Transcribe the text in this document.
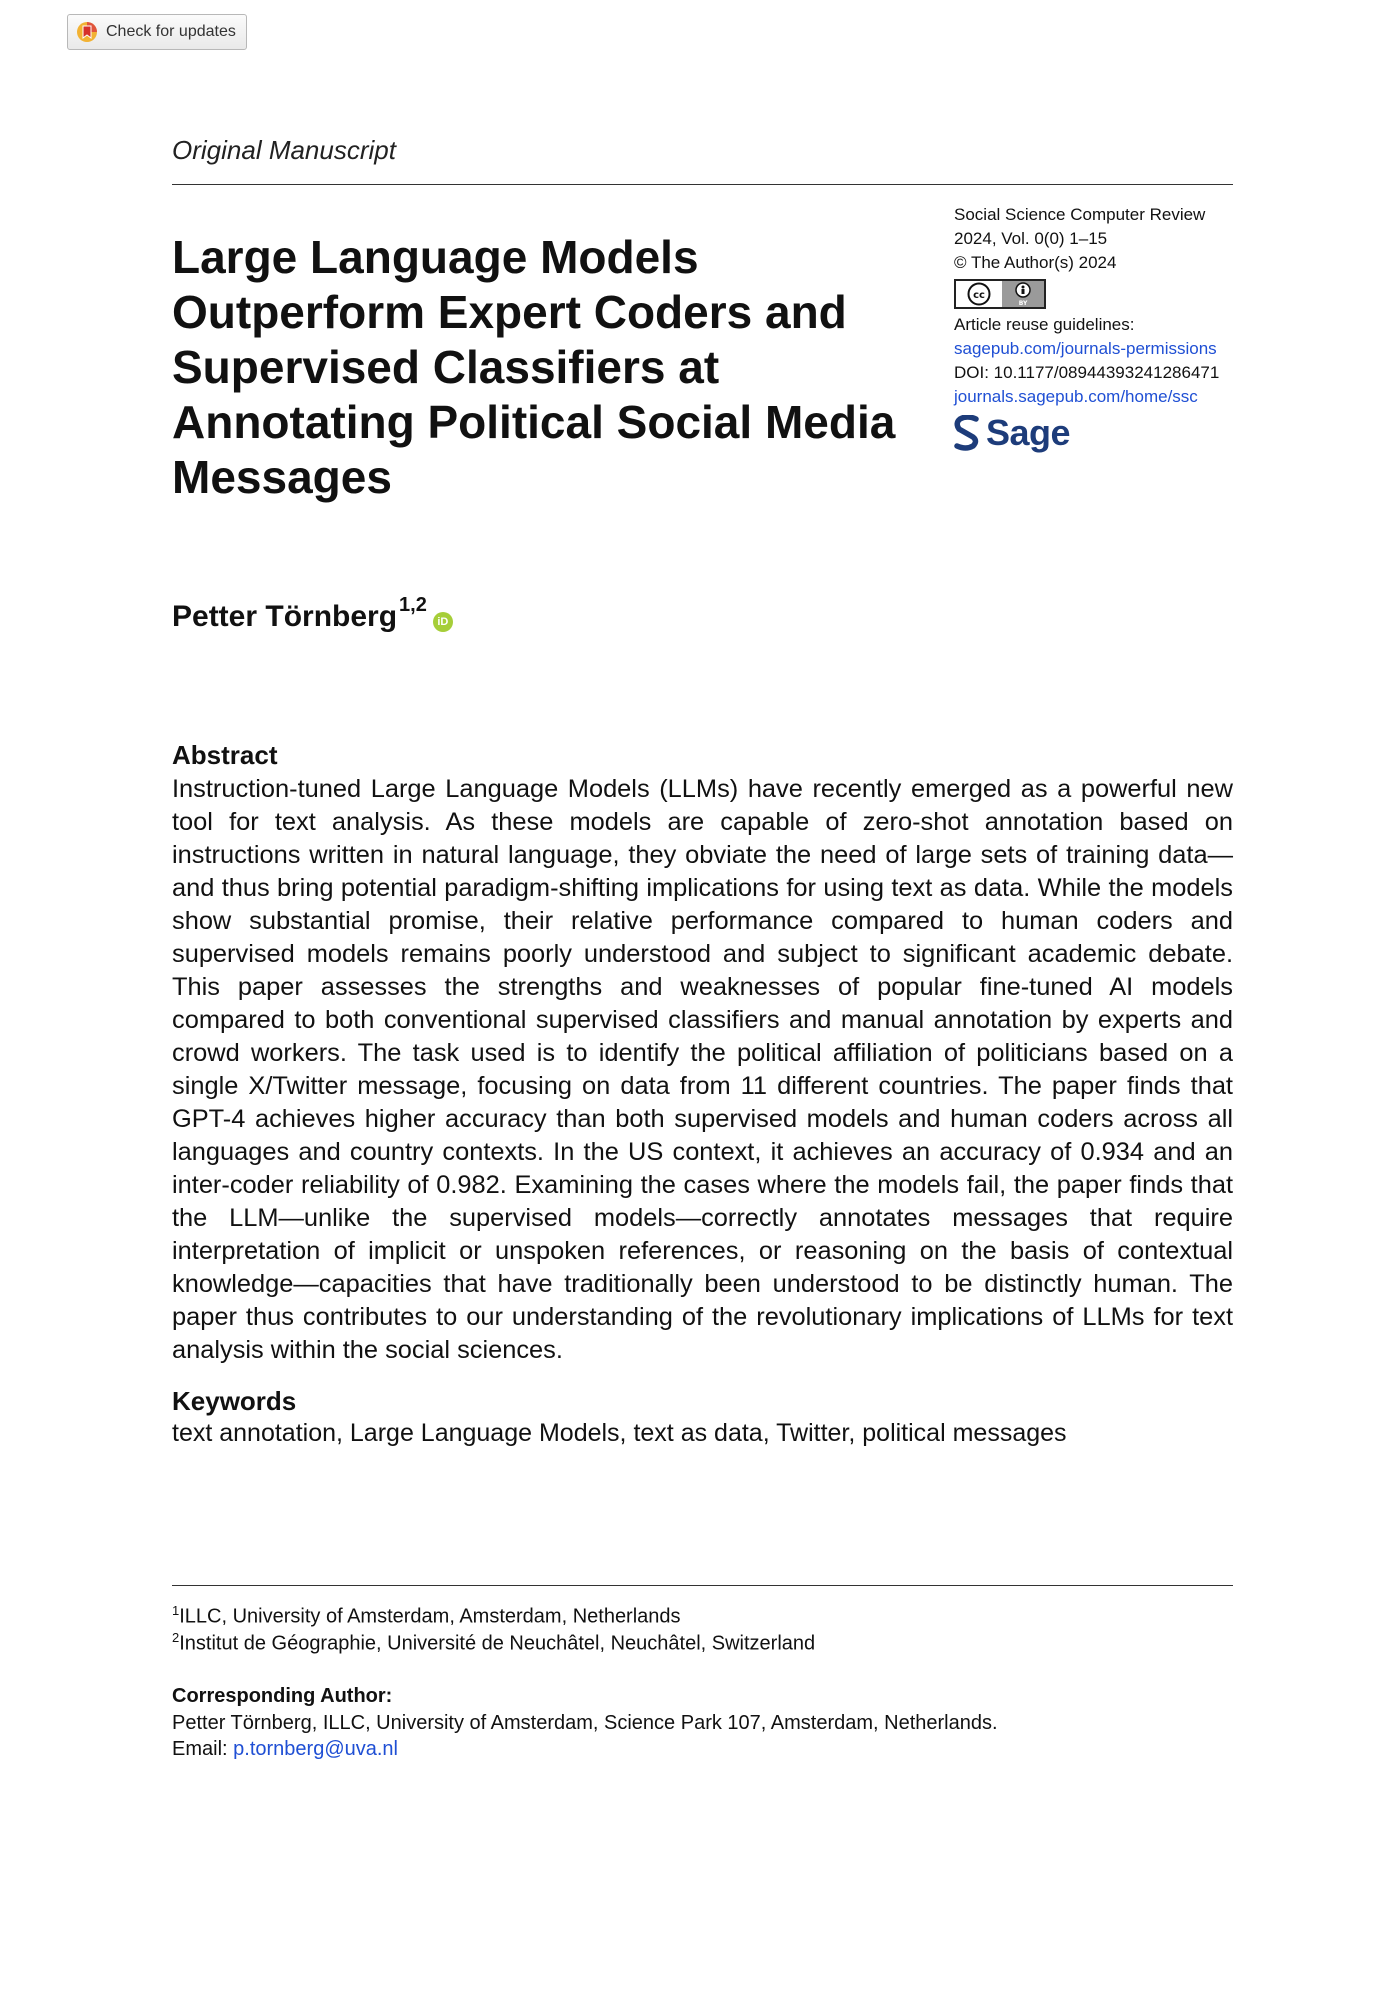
Check for updates
Original Manuscript
Large Language Models Outperform Expert Coders and Supervised Classifiers at Annotating Political Social Media Messages
Social Science Computer Review
2024, Vol. 0(0) 1–15
© The Author(s) 2024
cc
BY
Article reuse guidelines:
sagepub.com/journals-permissions
DOI: 10.1177/08944393241286471
journals.sagepub.com/home/ssc
Sage
Petter Törnberg$^{1,2}$
iD
Abstract

Instruction-tuned Large Language Models (LLMs) have recently emerged as a powerful new tool for text analysis. As these models are capable of zero-shot annotation based on instructions written in natural language, they obviate the need of large sets of training data—and thus bring potential paradigm-shifting implications for using text as data. While the models show substantial promise, their relative performance compared to human coders and supervised models remains poorly understood and subject to significant academic debate. This paper assesses the strengths and weaknesses of popular fine-tuned AI models compared to both conventional supervised classifiers and manual annotation by experts and crowd workers. The task used is to identify the political affiliation of politicians based on a single X/Twitter message, focusing on data from 11 different countries. The paper finds that GPT-4 achieves higher accuracy than both supervised models and human coders across all languages and country contexts. In the US context, it achieves an accuracy of 0.934 and an inter-coder reliability of 0.982. Examining the cases where the models fail, the paper finds that the LLM—unlike the supervised models—correctly annotates messages that require interpretation of implicit or unspoken references, or reasoning on the basis of contextual knowledge—capacities that have traditionally been understood to be distinctly human. The paper thus contributes to our understanding of the revolutionary implications of LLMs for text analysis within the social sciences.

Keywords
text annotation, Large Language Models, text as data, Twitter, political messages
$^1$ILLC, University of Amsterdam, Amsterdam, Netherlands
$^2$Institut de Géographie, Université de Neuchâtel, Neuchâtel, Switzerland
Corresponding Author:
Petter Törnberg, ILLC, University of Amsterdam, Science Park 107, Amsterdam, Netherlands.
Email: p.tornberg@uva.nl
